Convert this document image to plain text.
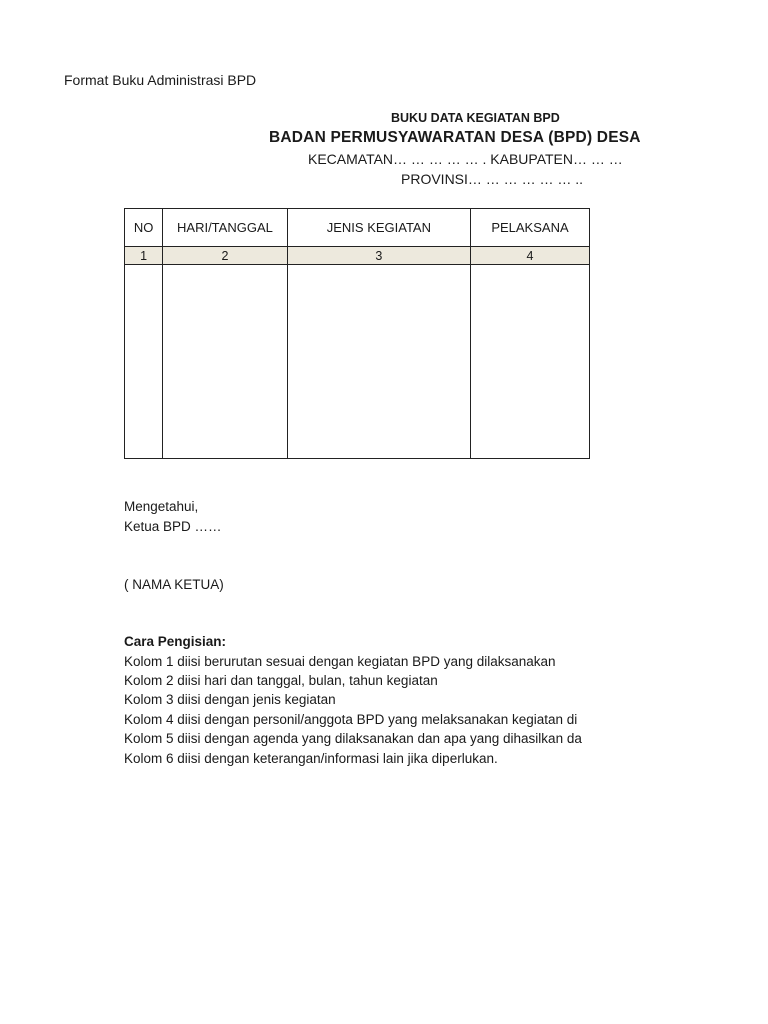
Format Buku Administrasi BPD
BUKU DATA KEGIATAN BPD
BADAN PERMUSYAWARATAN DESA (BPD) DESA
KECAMATAN… … … … … . KABUPATEN… … …
PROVINSI… … … … … … ..
NO	HARI/TANGGAL	JENIS KEGIATAN	PELAKSANA
1	2	3	4

Mengetahui,
Ketua BPD ……
( NAMA KETUA)
Cara Pengisian:
Kolom 1 diisi berurutan sesuai dengan kegiatan BPD yang dilaksanakan
Kolom 2 diisi hari dan tanggal, bulan, tahun kegiatan
Kolom 3 diisi dengan jenis kegiatan
Kolom 4 diisi dengan personil/anggota BPD yang melaksanakan kegiatan di
Kolom 5 diisi dengan agenda yang dilaksanakan dan apa yang dihasilkan da
Kolom 6 diisi dengan keterangan/informasi lain jika diperlukan.
